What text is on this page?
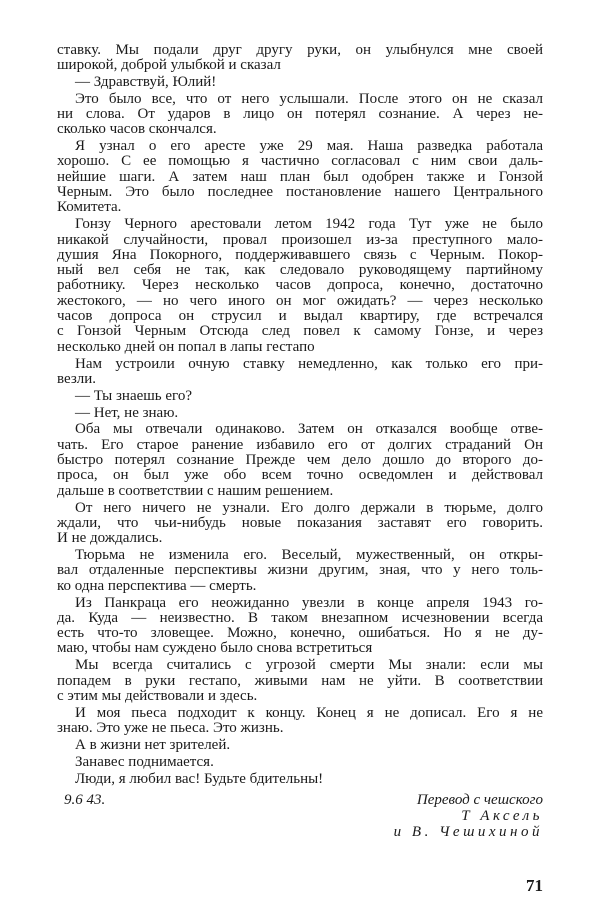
ставку. Мы подали друг другу руки, он улыбнулся мне своей
широкой, доброй улыбкой и сказал
— Здравствуй, Юлий!
Это было все, что от него услышали. После этого он не сказал
ни слова. От ударов в лицо он потерял сознание. А через не-
сколько часов скончался.
Я узнал о его аресте уже 29 мая. Наша разведка работала
хорошо. С ее помощью я частично согласовал с ним свои даль-
нейшие шаги. А затем наш план был одобрен также и Гонзой
Черным. Это было последнее постановление нашего Центрального
Комитета.
Гонзу Черного арестовали летом 1942 года Тут уже не было
никакой случайности, провал произошел из-за преступного мало-
душия Яна Покорного, поддерживавшего связь с Черным. Покор-
ный вел себя не так, как следовало руководящему партийному
работнику. Через несколько часов допроса, конечно, достаточно
жестокого, — но чего иного он мог ожидать? — через несколько
часов допроса он струсил и выдал квартиру, где встречался
с Гонзой Черным Отсюда след повел к самому Гонзе, и через
несколько дней он попал в лапы гестапо
Нам устроили очную ставку немедленно, как только его при-
везли.
— Ты знаешь его?
— Нет, не знаю.
Оба мы отвечали одинаково. Затем он отказался вообще отве-
чать. Его старое ранение избавило его от долгих страданий Он
быстро потерял сознание Прежде чем дело дошло до второго до-
проса, он был уже обо всем точно осведомлен и действовал
дальше в соответствии с нашим решением.
От него ничего не узнали. Его долго держали в тюрьме, долго
ждали, что чьи-нибудь новые показания заставят его говорить.
И не дождались.
Тюрьма не изменила его. Веселый, мужественный, он откры-
вал отдаленные перспективы жизни другим, зная, что у него толь-
ко одна перспектива — смерть.
Из Панкраца его неожиданно увезли в конце апреля 1943 го-
да. Куда — неизвестно. В таком внезапном исчезновении всегда
есть что-то зловещее. Можно, конечно, ошибаться. Но я не ду-
маю, чтобы нам суждено было снова встретиться
Мы всегда считались с угрозой смерти Мы знали: если мы
попадем в руки гестапо, живыми нам не уйти. В соответствии
с этим мы действовали и здесь.
И моя пьеса подходит к концу. Конец я не дописал. Его я не
знаю. Это уже не пьеса. Это жизнь.
А в жизни нет зрителей.
Занавес поднимается.
Люди, я любил вас! Будьте бдительны!
9.6 43.	Перевод с чешского
Т Аксель
и В. Чешихиной
71
